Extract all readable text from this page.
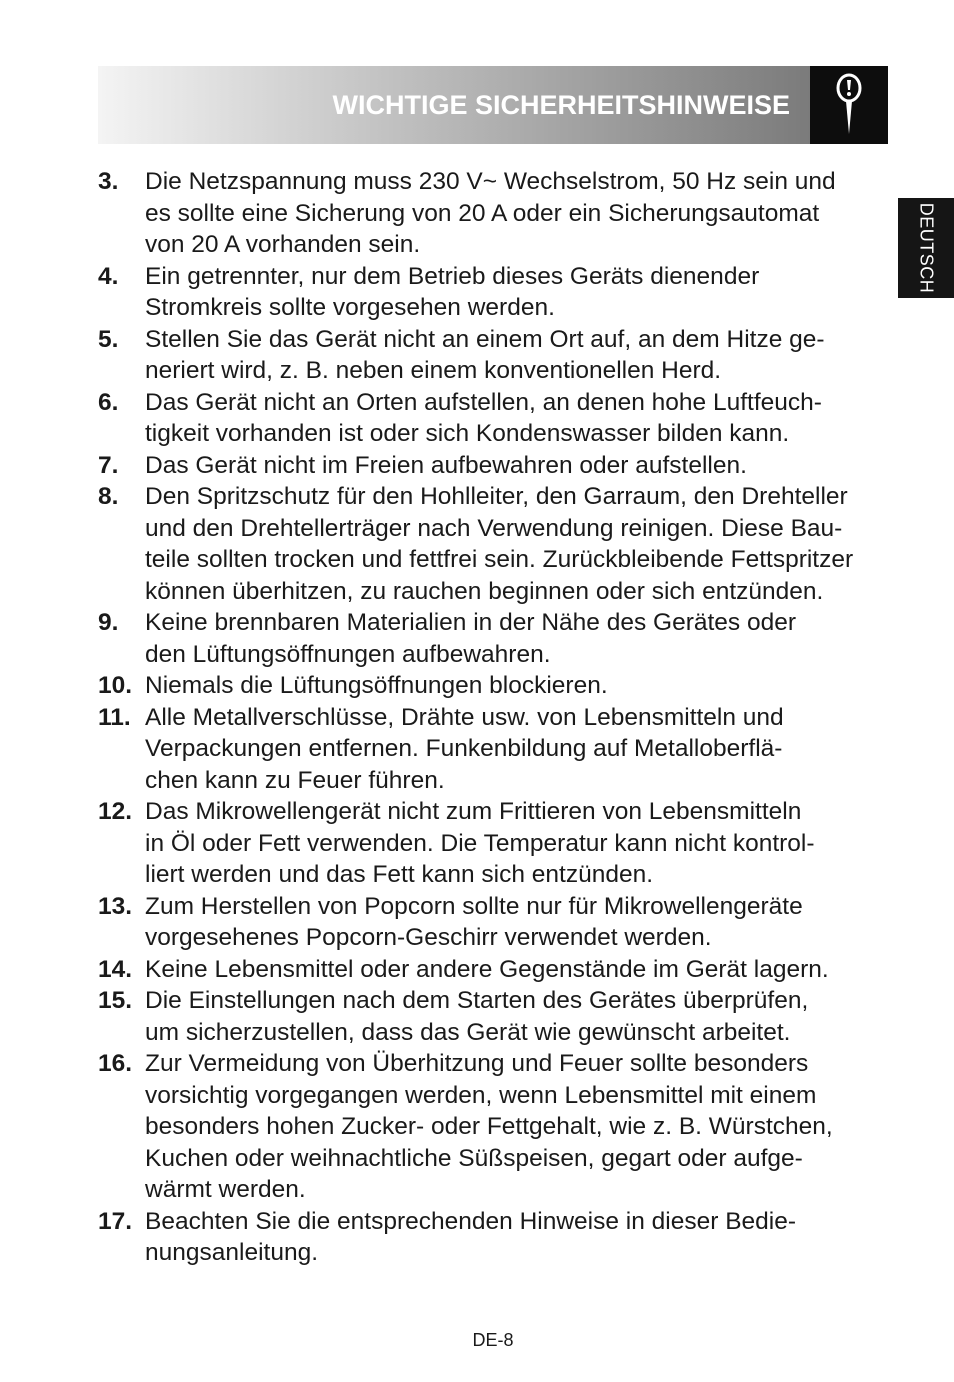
WICHTIGE SICHERHEITSHINWEISE
DEUTSCH
3.	Die Netzspannung muss 230 V~ Wechselstrom, 50 Hz sein und
es sollte eine Sicherung von 20 A oder ein Sicherungsautomat
von 20 A vorhanden sein.
4.	Ein getrennter, nur dem Betrieb dieses Geräts dienender
Stromkreis sollte vorgesehen werden.
5.	Stellen Sie das Gerät nicht an einem Ort auf, an dem Hitze ge-
neriert wird, z. B. neben einem konventionellen Herd.
6.	Das Gerät nicht an Orten aufstellen, an denen hohe Luftfeuch-
tigkeit vorhanden ist oder sich Kondenswasser bilden kann.
7.	Das Gerät nicht im Freien aufbewahren oder aufstellen.
8.	Den Spritzschutz für den Hohlleiter, den Garraum, den Drehteller
und den Drehtellerträger nach Verwendung reinigen. Diese Bau-
teile sollten trocken und fettfrei sein. Zurückbleibende Fettspritzer
können überhitzen, zu rauchen beginnen oder sich entzünden.
9.	Keine brennbaren Materialien in der Nähe des Gerätes oder
den Lüftungsöffnungen aufbewahren.
10. Niemals die Lüftungsöffnungen blockieren.
11. Alle Metallverschlüsse, Drähte usw. von Lebensmitteln und
Verpackungen entfernen. Funkenbildung auf Metalloberflä-
chen kann zu Feuer führen.
12. Das Mikrowellengerät nicht zum Frittieren von Lebensmitteln
in Öl oder Fett verwenden. Die Temperatur kann nicht kontrol-
liert werden und das Fett kann sich entzünden.
13. Zum Herstellen von Popcorn sollte nur für Mikrowellengeräte
vorgesehenes Popcorn-Geschirr verwendet werden.
14. Keine Lebensmittel oder andere Gegenstände im Gerät lagern.
15. Die Einstellungen nach dem Starten des Gerätes überprüfen,
um sicherzustellen, dass das Gerät wie gewünscht arbeitet.
16. Zur Vermeidung von Überhitzung und Feuer sollte besonders
vorsichtig vorgegangen werden, wenn Lebensmittel mit einem
besonders hohen Zucker- oder Fettgehalt, wie z. B. Würstchen,
Kuchen oder weihnachtliche Süßspeisen, gegart oder aufge-
wärmt werden.
17. Beachten Sie die entsprechenden Hinweise in dieser Bedie-
nungsanleitung.
DE-8
